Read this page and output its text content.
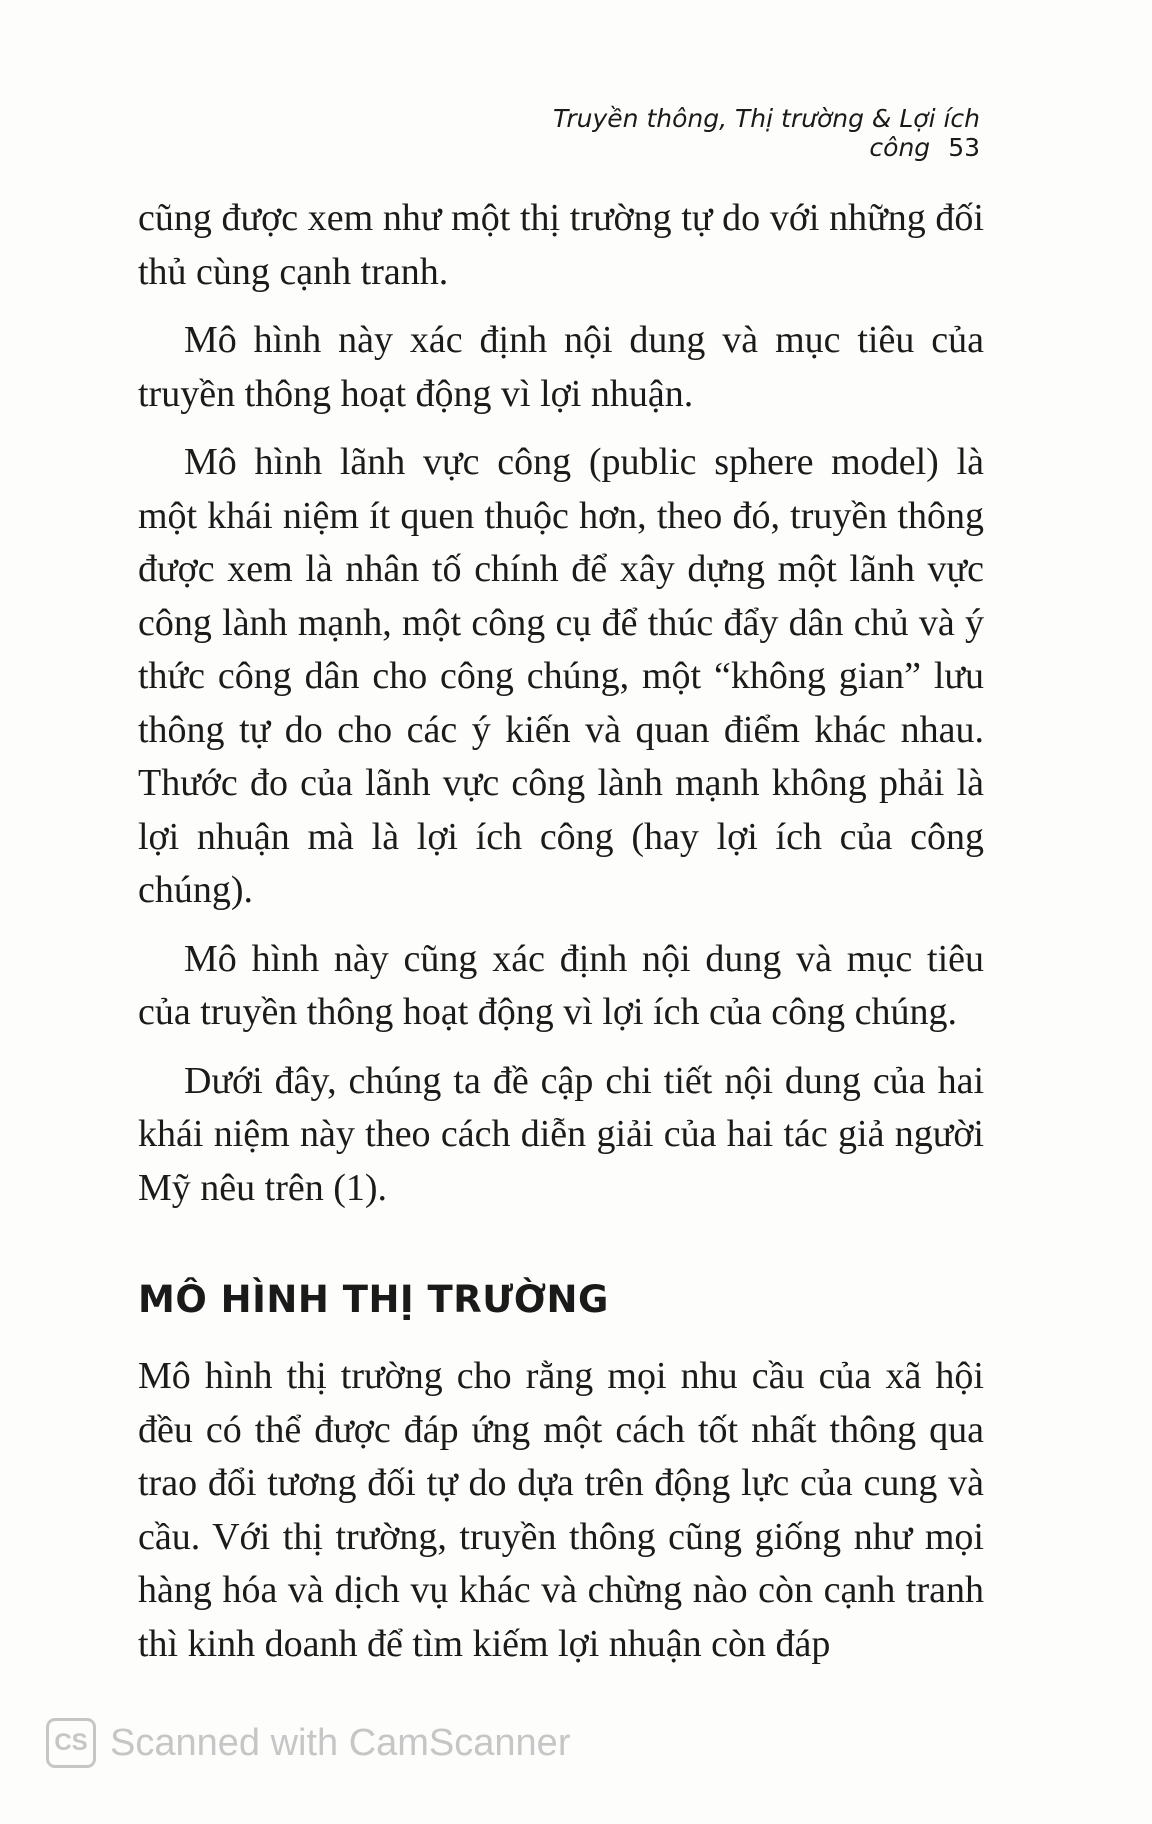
Truyền thông, Thị trường & Lợi ích công 53

cũng được xem như một thị trường tự do với những đối thủ cùng cạnh tranh.

Mô hình này xác định nội dung và mục tiêu của truyền thông hoạt động vì lợi nhuận.

Mô hình lãnh vực công (public sphere model) là một khái niệm ít quen thuộc hơn, theo đó, truyền thông được xem là nhân tố chính để xây dựng một lãnh vực công lành mạnh, một công cụ để thúc đẩy dân chủ và ý thức công dân cho công chúng, một “không gian” lưu thông tự do cho các ý kiến và quan điểm khác nhau. Thước đo của lãnh vực công lành mạnh không phải là lợi nhuận mà là lợi ích công (hay lợi ích của công chúng).

Mô hình này cũng xác định nội dung và mục tiêu của truyền thông hoạt động vì lợi ích của công chúng.

Dưới đây, chúng ta đề cập chi tiết nội dung của hai khái niệm này theo cách diễn giải của hai tác giả người Mỹ nêu trên (1).

MÔ HÌNH THỊ TRƯỜNG

Mô hình thị trường cho rằng mọi nhu cầu của xã hội đều có thể được đáp ứng một cách tốt nhất thông qua trao đổi tương đối tự do dựa trên động lực của cung và cầu. Với thị trường, truyền thông cũng giống như mọi hàng hóa và dịch vụ khác và chừng nào còn cạnh tranh thì kinh doanh để tìm kiếm lợi nhuận còn đáp

CS Scanned with CamScanner
